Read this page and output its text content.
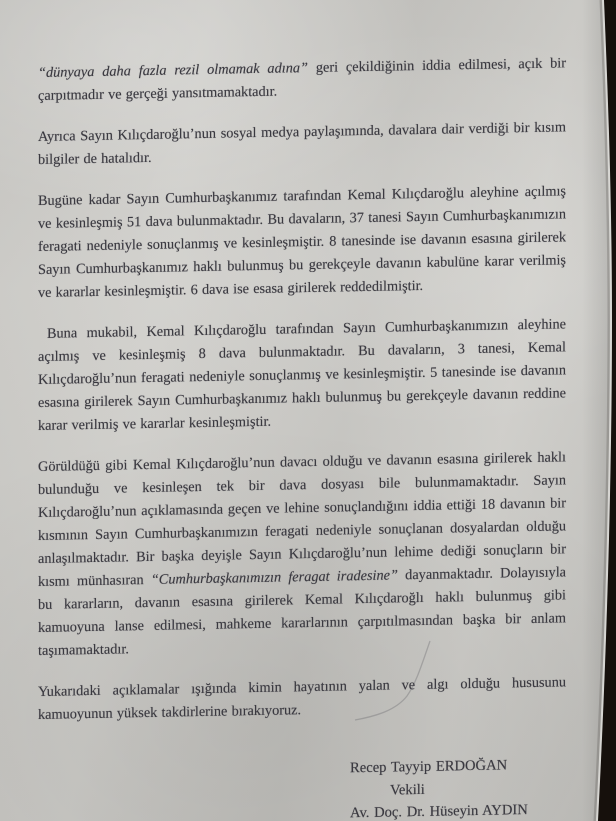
“dünyaya daha fazla rezil olmamak adına” geri çekildiğinin iddia edilmesi, açık bir çarpıtmadır ve gerçeği yansıtmamaktadır.

Ayrıca Sayın Kılıçdaroğlu’nun sosyal medya paylaşımında, davalara dair verdiği bir kısım bilgiler de hatalıdır.

Bugüne kadar Sayın Cumhurbaşkanımız tarafından Kemal Kılıçdaroğlu aleyhine açılmış ve kesinleşmiş 51 dava bulunmaktadır. Bu davaların, 37 tanesi Sayın Cumhurbaşkanımızın feragati nedeniyle sonuçlanmış ve kesinleşmiştir. 8 tanesinde ise davanın esasına girilerek Sayın Cumhurbaşkanımız haklı bulunmuş bu gerekçeyle davanın kabulüne karar verilmiş ve kararlar kesinleşmiştir. 6 dava ise esasa girilerek reddedilmiştir.

Buna mukabil, Kemal Kılıçdaroğlu tarafından Sayın Cumhurbaşkanımızın aleyhine açılmış ve kesinleşmiş 8 dava bulunmaktadır. Bu davaların, 3 tanesi, Kemal Kılıçdaroğlu’nun feragati nedeniyle sonuçlanmış ve kesinleşmiştir. 5 tanesinde ise davanın esasına girilerek Sayın Cumhurbaşkanımız haklı bulunmuş bu gerekçeyle davanın reddine karar verilmiş ve kararlar kesinleşmiştir.

Görüldüğü gibi Kemal Kılıçdaroğlu’nun davacı olduğu ve davanın esasına girilerek haklı bulunduğu ve kesinleşen tek bir dava dosyası bile bulunmamaktadır. Sayın Kılıçdaroğlu’nun açıklamasında geçen ve lehine sonuçlandığını iddia ettiği 18 davanın bir kısmının Sayın Cumhurbaşkanımızın feragati nedeniyle sonuçlanan dosyalardan olduğu anlaşılmaktadır. Bir başka deyişle Sayın Kılıçdaroğlu’nun lehime dediği sonuçların bir kısmı münhasıran “Cumhurbaşkanımızın feragat iradesine” dayanmaktadır. Dolayısıyla bu kararların, davanın esasına girilerek Kemal Kılıçdaroğlı haklı bulunmuş gibi kamuoyuna lanse edilmesi, mahkeme kararlarının çarpıtılmasından başka bir anlam taşımamaktadır.

Yukarıdaki açıklamalar ışığında kimin hayatının yalan ve algı olduğu hususunu kamuoyunun yüksek takdirlerine bırakıyoruz.

Recep Tayyip ERDOĞAN
Vekili
Av. Doç. Dr. Hüseyin AYDIN
